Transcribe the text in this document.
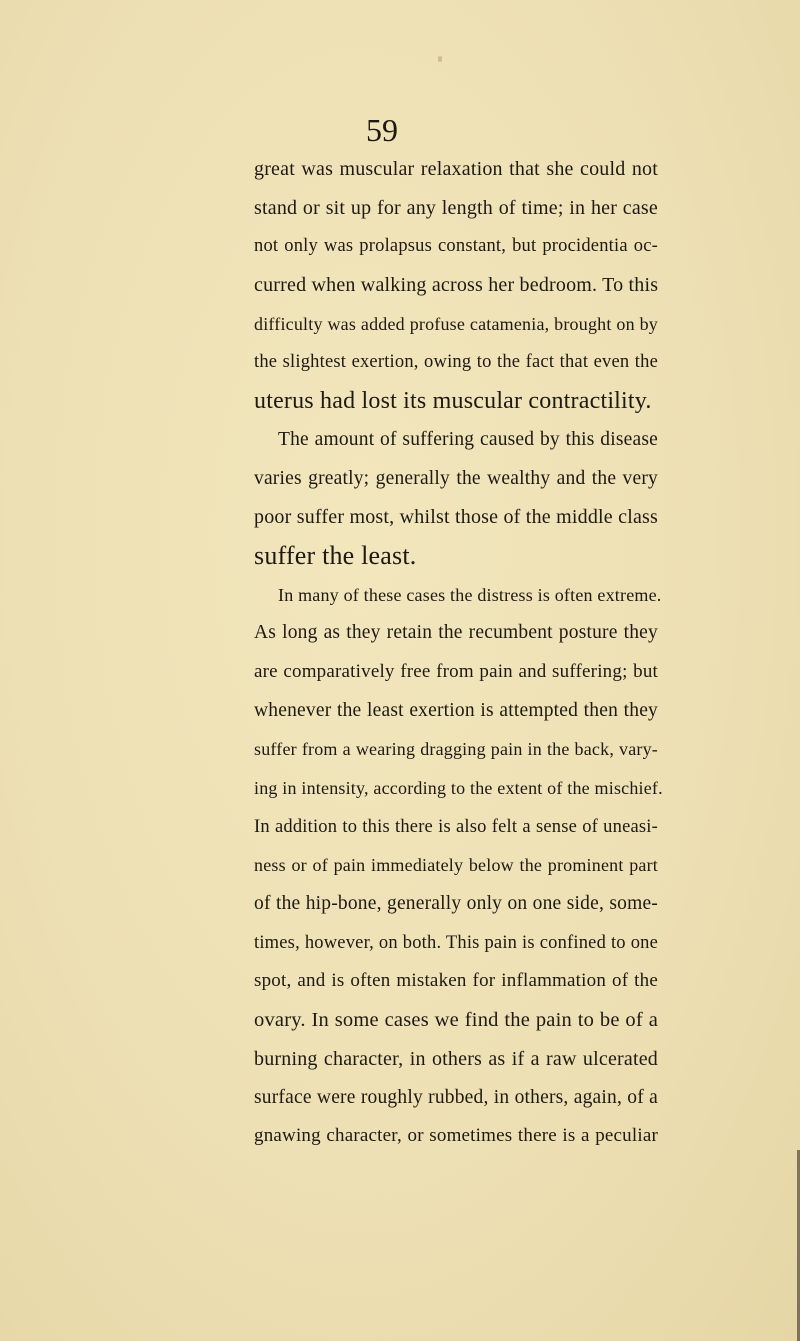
59
great was muscular relaxation that she could not
stand or sit up for any length of time; in her case
not only was prolapsus constant, but procidentia oc-
curred when walking across her bedroom. To this
difficulty was added profuse catamenia, brought on by
the slightest exertion, owing to the fact that even the
uterus had lost its muscular contractility.
The amount of suffering caused by this disease
varies greatly; generally the wealthy and the very
poor suffer most, whilst those of the middle class
suffer the least.
In many of these cases the distress is often extreme.
As long as they retain the recumbent posture they
are comparatively free from pain and suffering; but
whenever the least exertion is attempted then they
suffer from a wearing dragging pain in the back, vary-
ing in intensity, according to the extent of the mischief.
In addition to this there is also felt a sense of uneasi-
ness or of pain immediately below the prominent part
of the hip-bone, generally only on one side, some-
times, however, on both. This pain is confined to one
spot, and is often mistaken for inflammation of the
ovary. In some cases we find the pain to be of a
burning character, in others as if a raw ulcerated
surface were roughly rubbed, in others, again, of a
gnawing character, or sometimes there is a peculiar
